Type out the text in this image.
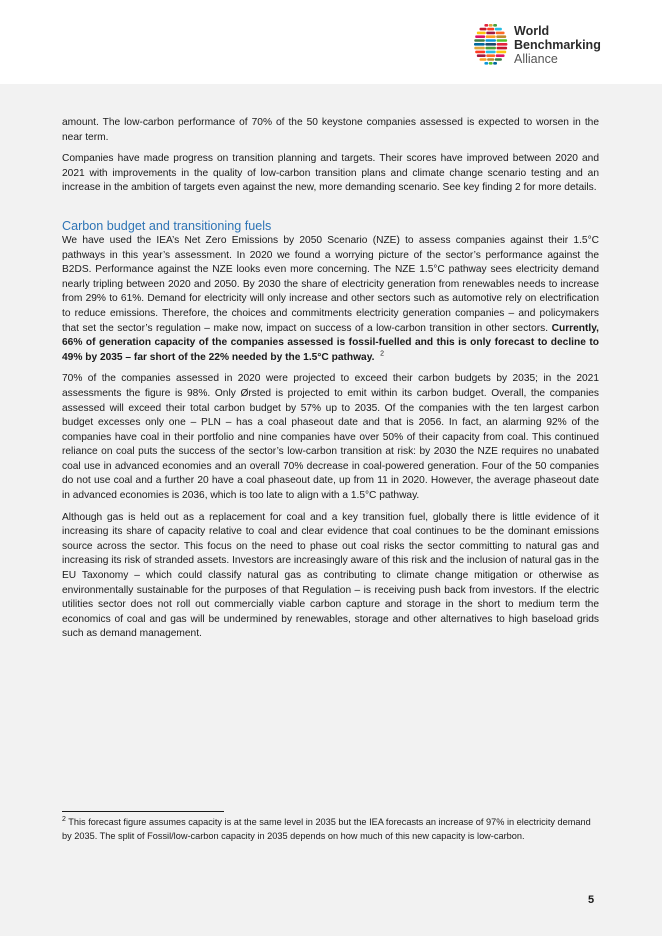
World
Benchmarking
Alliance

amount. The low-carbon performance of 70% of the 50 keystone companies assessed is expected to worsen in the near term.

Companies have made progress on transition planning and targets. Their scores have improved between 2020 and 2021 with improvements in the quality of low-carbon transition plans and climate change scenario testing and an increase in the ambition of targets even against the new, more demanding scenario. See key finding 2 for more details.

Carbon budget and transitioning fuels

We have used the IEA’s Net Zero Emissions by 2050 Scenario (NZE) to assess companies against their 1.5°C pathways in this year’s assessment. In 2020 we found a worrying picture of the sector’s performance against the B2DS. Performance against the NZE looks even more concerning. The NZE 1.5°C pathway sees electricity demand nearly tripling between 2020 and 2050. By 2030 the share of electricity generation from renewables needs to increase from 29% to 61%. Demand for electricity will only increase and other sectors such as automotive rely on electrification to reduce emissions. Therefore, the choices and commitments electricity generation companies – and policymakers that set the sector’s regulation – make now, impact on success of a low-carbon transition in other sectors. Currently, 66% of generation capacity of the companies assessed is fossil-fuelled and this is only forecast to decline to 49% by 2035 – far short of the 22% needed by the 1.5°C pathway. $^2$

70% of the companies assessed in 2020 were projected to exceed their carbon budgets by 2035; in the 2021 assessments the figure is 98%. Only Ørsted is projected to emit within its carbon budget. Overall, the companies assessed will exceed their total carbon budget by 57% up to 2035. Of the companies with the ten largest carbon budget excesses only one – PLN – has a coal phaseout date and that is 2056. In fact, an alarming 92% of the companies have coal in their portfolio and nine companies have over 50% of their capacity from coal. This continued reliance on coal puts the success of the sector’s low-carbon transition at risk: by 2030 the NZE requires no unabated coal use in advanced economies and an overall 70% decrease in coal-powered generation. Four of the 50 companies do not use coal and a further 20 have a coal phaseout date, up from 11 in 2020. However, the average phaseout date in advanced economies is 2036, which is too late to align with a 1.5°C pathway.

Although gas is held out as a replacement for coal and a key transition fuel, globally there is little evidence of it increasing its share of capacity relative to coal and clear evidence that coal continues to be the dominant emissions source across the sector. This focus on the need to phase out coal risks the sector committing to natural gas and increasing its risk of stranded assets. Investors are increasingly aware of this risk and the inclusion of natural gas in the EU Taxonomy – which could classify natural gas as contributing to climate change mitigation or otherwise as environmentally sustainable for the purposes of that Regulation – is receiving push back from investors. If the electric utilities sector does not roll out commercially viable carbon capture and storage in the short to medium term the economics of coal and gas will be undermined by renewables, storage and other alternatives to high baseload grids such as demand management.

$^2$ This forecast figure assumes capacity is at the same level in 2035 but the IEA forecasts an increase of 97% in electricity demand by 2035. The split of Fossil/low-carbon capacity in 2035 depends on how much of this new capacity is low-carbon.
5
